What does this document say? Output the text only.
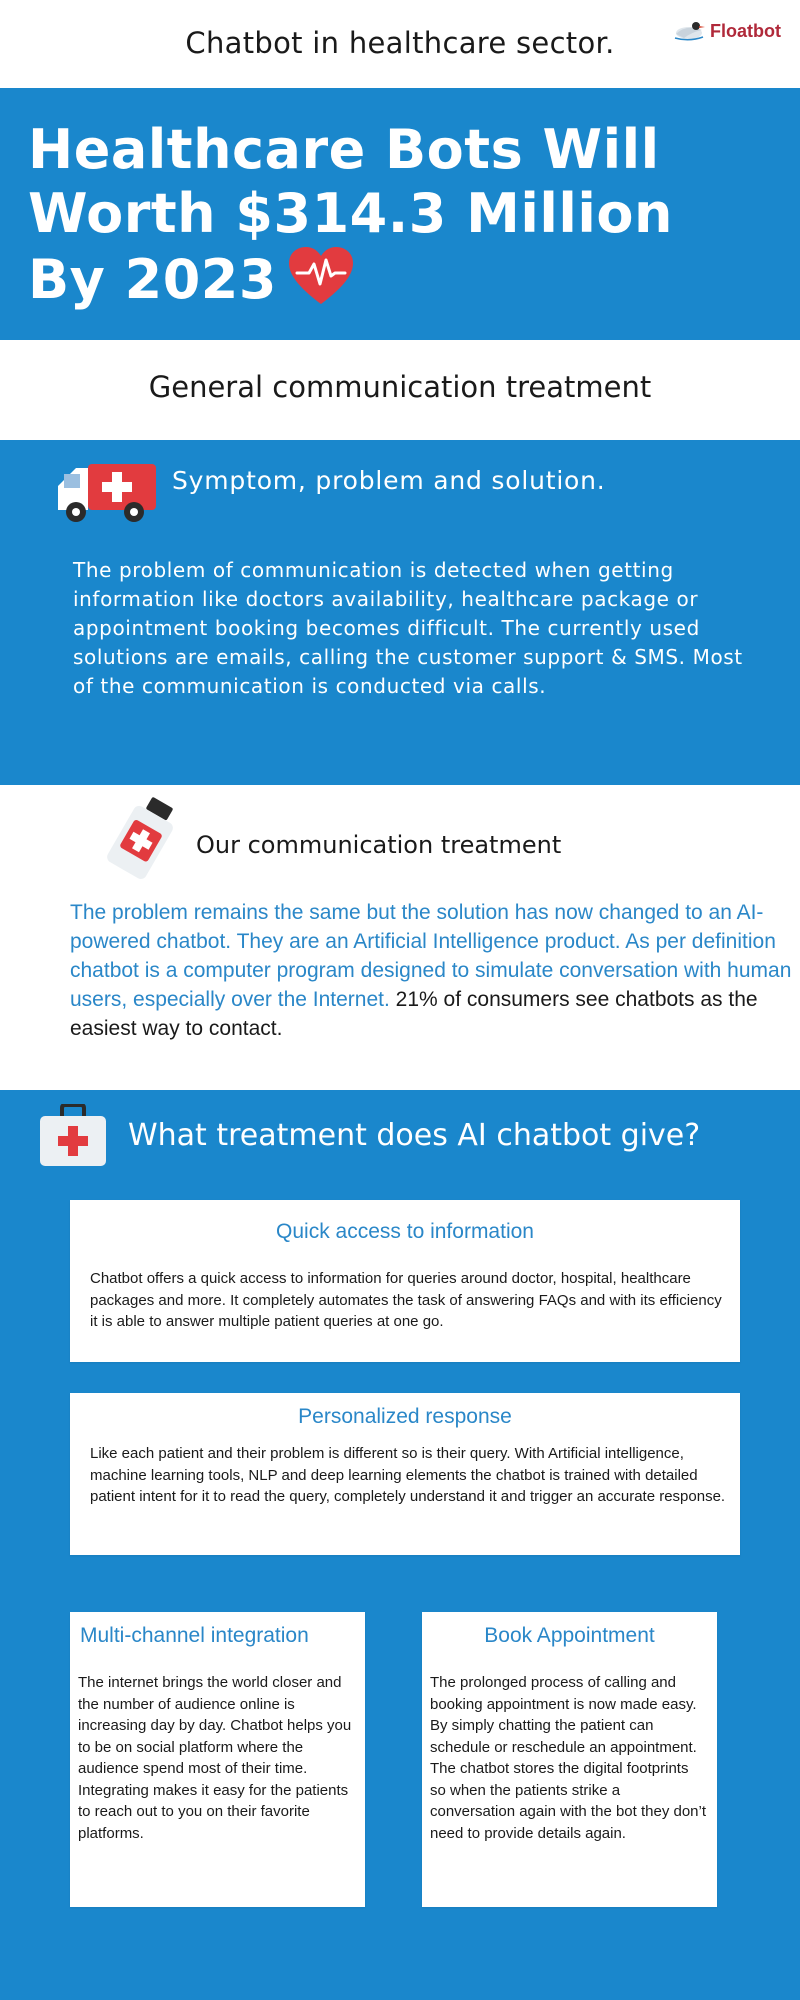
Chatbot in healthcare sector.	Floatbot
Healthcare Bots Will
Worth $314.3 Million
By 2023
General communication treatment
Symptom, problem and solution.
The problem of communication is detected when getting information like doctors availability, healthcare package or appointment booking becomes difficult. The currently used solutions are emails, calling the customer support & SMS. Most of the communication is conducted via calls.
Our communication treatment
The problem remains the same but the solution has now changed to an AI-powered chatbot. They are an Artificial Intelligence product. As per definition chatbot is a computer program designed to simulate conversation with human users, especially over the Internet. 21% of consumers see chatbots as the easiest way to contact.
What treatment does AI chatbot give?
Quick access to information
Chatbot offers a quick access to information for queries around doctor, hospital, healthcare packages and more. It completely automates the task of answering FAQs and with its efficiency it is able to answer multiple patient queries at one go.
Personalized response
Like each patient and their problem is different so is their query. With Artificial intelligence, machine learning tools, NLP and deep learning elements the chatbot is trained with detailed patient intent for it to read the query, completely understand it and trigger an accurate response.
Multi-channel integration
The internet brings the world closer and the number of audience online is increasing day by day. Chatbot helps you to be on social platform where the audience spend most of their time. Integrating makes it easy for the patients to reach out to you on their favorite platforms.
Book Appointment
The prolonged process of calling and booking appointment is now made easy. By simply chatting the patient can schedule or reschedule an appointment. The chatbot stores the digital footprints so when the patients strike a conversation again with the bot they don’t need to provide details again.
